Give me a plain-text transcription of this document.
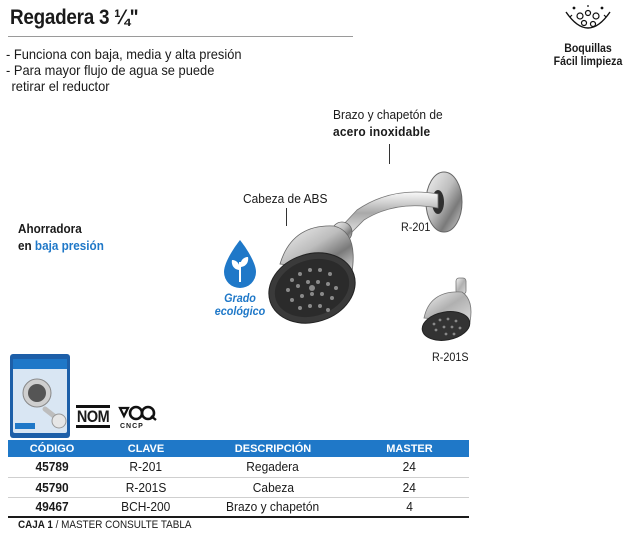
Regadera 3 ¼"
- Funciona con baja, media y alta presión
- Para mayor flujo de agua se puede
retirar el reductor
Boquillas
Fácil limpieza
Brazo y chapetón de
acero inoxidable
Cabeza de ABS
Ahorradora
en baja presión
Grado
ecológico
R-201
R-201S
NOM
CNCP
CÓDIGO	CLAVE	DESCRIPCIÓN	MASTER
45789	R-201	Regadera	24
45790	R-201S	Cabeza	24
49467	BCH-200	Brazo y chapetón	4
CAJA 1 / MASTER CONSULTE TABLA
